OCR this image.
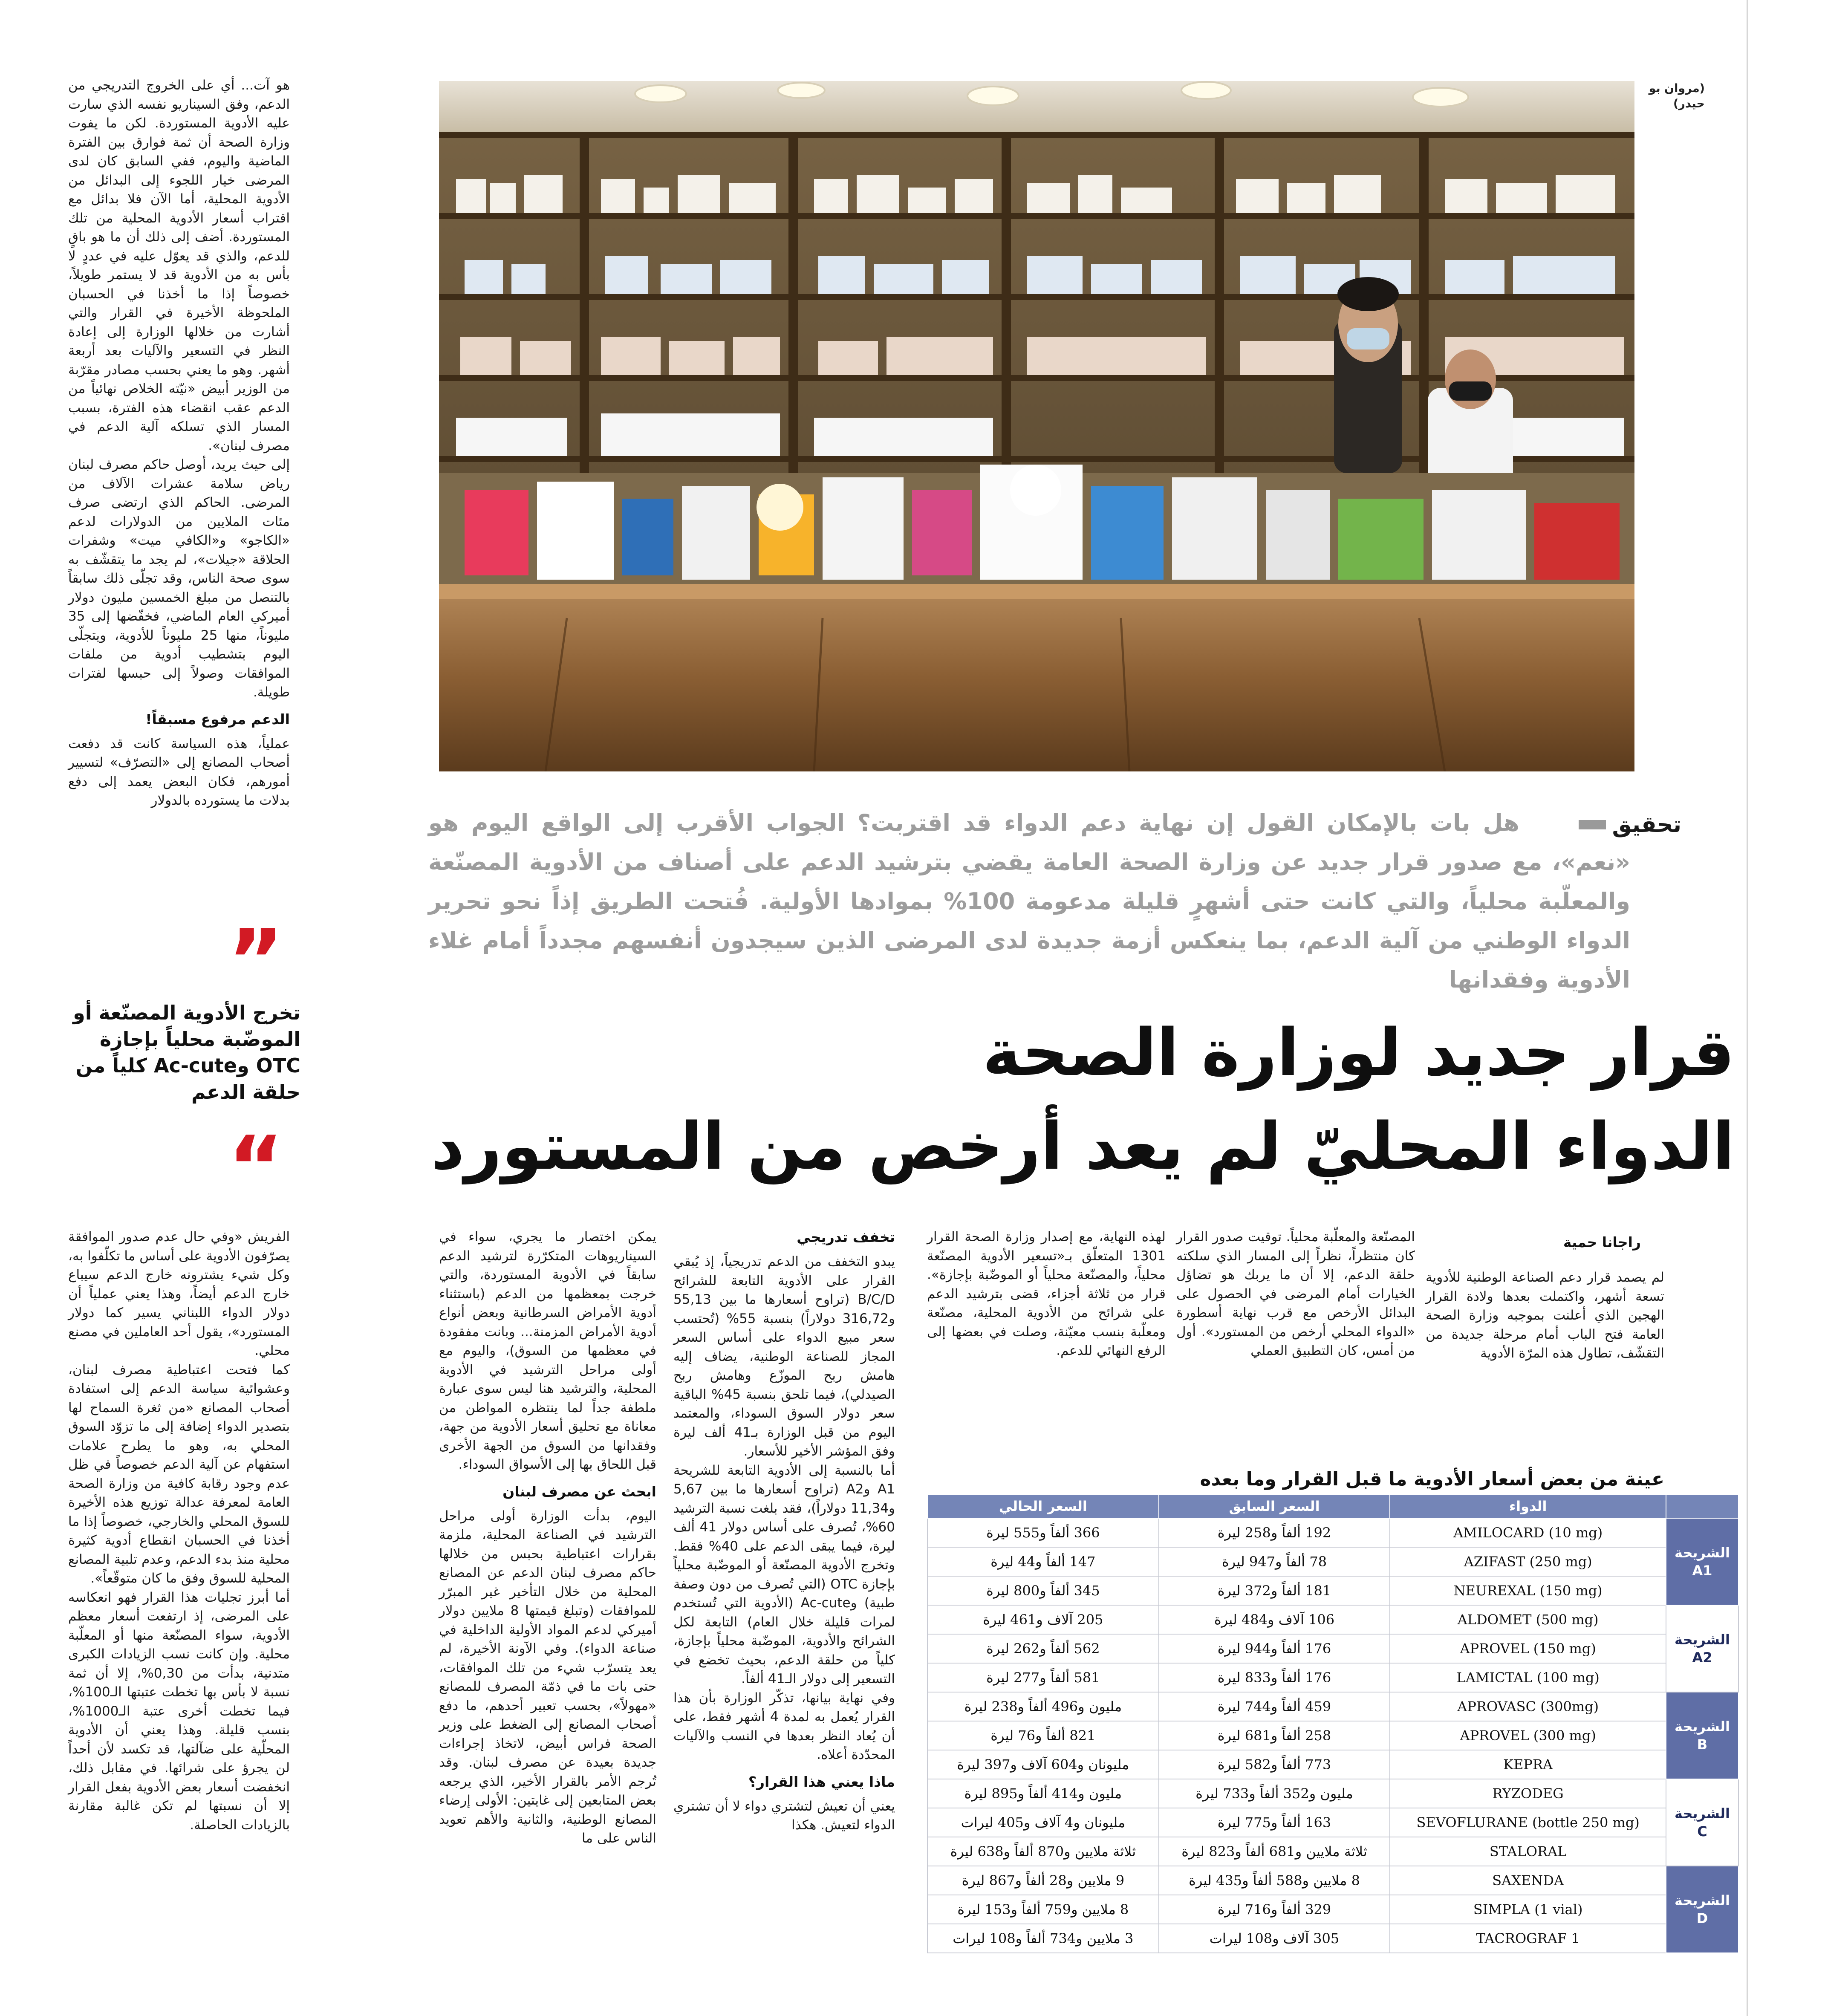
(مروان بو حيدر)
تحقيق
هل بات بالإمكان القول إن نهاية دعم الدواء قد اقتربت؟ الجواب الأقرب إلى الواقع اليوم هو «نعم»، مع صدور قرار جديد عن وزارة الصحة العامة يقضي بترشيد الدعم على أصناف من الأدوية المصنّعة والمعلّبة محلياً، والتي كانت حتى أشهرٍ قليلة مدعومة 100% بموادها الأولية. فُتحت الطريق إذاً نحو تحرير الدواء الوطني من آلية الدعم، بما ينعكس أزمة جديدة لدى المرضى الذين سيجدون أنفسهم مجدداً أمام غلاء الأدوية وفقدانها
قرار جديد لوزارة الصحة
الدواء المحليّ لم يعد أرخص من المستورد
”
تخرج الأدوية المصنّعة أو الموضّبة محلياً بإجازة OTC وAc-cute كلياً من حلقة الدعم
“

هو آت... أي على الخروج التدريجي من الدعم، وفق السيناريو نفسه الذي سارت عليه الأدوية المستوردة. لكن ما يفوت وزارة الصحة أن ثمة فوارق بين الفترة الماضية واليوم، ففي السابق كان لدى المرضى خيار اللجوء إلى البدائل من الأدوية المحلية، أما الآن فلا بدائل مع اقتراب أسعار الأدوية المحلية من تلك المستوردة. أضف إلى ذلك أن ما هو باقٍ للدعم، والذي قد يعوّل عليه في عددٍ لا بأس به من الأدوية قد لا يستمر طويلاً، خصوصاً إذا ما أخذنا في الحسبان الملحوظة الأخيرة في القرار والتي أشارت من خلالها الوزارة إلى إعادة النظر في التسعير والآليات بعد أربعة أشهر. وهو ما يعني بحسب مصادر مقرّبة من الوزير أبيض «نيّته الخلاص نهائياً من الدعم عقب انقضاء هذه الفترة، بسبب المسار الذي تسلكه آلية الدعم في مصرف لبنان».

إلى حيث يريد، أوصل حاكم مصرف لبنان رياض سلامة عشرات الآلاف من المرضى. الحاكم الذي ارتضى صرف مئات الملايين من الدولارات لدعم «الكاجو» و«الكافي ميت» وشفرات الحلاقة «جيلات»، لم يجد ما يتقشّف به سوى صحة الناس، وقد تجلّى ذلك سابقاً بالتنصل من مبلغ الخمسين مليون دولار أميركي العام الماضي، فخفّضها إلى 35 مليوناً، منها 25 مليوناً للأدوية، ويتجلّى اليوم بتشطيب أدوية من ملفات الموافقات وصولاً إلى حبسها لفترات طويلة.

الدعم مرفوع مسبقاً!

عملياً، هذه السياسة كانت قد دفعت أصحاب المصانع إلى «التصرّف» لتسيير أمورهم، فكان البعض يعمد إلى دفع بدلات ما يستورده بالدولار

الفريش «وفي حال عدم صدور الموافقة يصرّفون الأدوية على أساس ما تكلّفوا به، وكل شيء يشترونه خارج الدعم سيباع خارج الدعم أيضاً، وهذا يعني عملياً أن دولار الدواء اللبناني يسير كما دولار المستورد»، يقول أحد العاملين في مصنع محلي.

كما فتحت اعتباطية مصرف لبنان، وعشوائية سياسة الدعم إلى استفادة أصحاب المصانع «من ثغرة السماح لها بتصدير الدواء إضافة إلى ما تزوّد السوق المحلي به، وهو ما يطرح علامات استفهام عن آلية الدعم خصوصاً في ظل عدم وجود رقابة كافية من وزارة الصحة العامة لمعرفة عدالة توزيع هذه الأخيرة للسوق المحلي والخارجي، خصوصاً إذا ما أخذنا في الحسبان انقطاع أدوية كثيرة محلية منذ بدء الدعم، وعدم تلبية المصانع المحلية للسوق وفق ما كان متوقّعاً».

أما أبرز تجليات هذا القرار فهو انعكاسه على المرضى، إذ ارتفعت أسعار معظم الأدوية، سواء المصنّعة منها أو المعلّبة محلية. وإن كانت نسب الزيادات الكبرى متدنية، بدأت من 0,30%، إلا أن ثمة نسبة لا بأس بها تخطت عتبتها الـ100%، فيما تخطت أخرى عتبة الـ1000%، بنسب قليلة. وهذا يعني أن الأدوية المحلّية على ضآلتها، قد تكسد لأن أحداً لن يجرؤ على شرائها. في مقابل ذلك، انخفضت أسعار بعض الأدوية بفعل القرار إلا أن نسبتها لم تكن غالبة مقارنة بالزيادات الحاصلة.

يمكن اختصار ما يجري، سواء في السيناريوهات المتكرّرة لترشيد الدعم سابقاً في الأدوية المستوردة، والتي خرجت بمعظمها من الدعم (باستثناء أدوية الأمراض السرطانية وبعض أنواع أدوية الأمراض المزمنة... وبانت مفقودة في معظمها من السوق)، واليوم مع أولى مراحل الترشيد في الأدوية المحلية، والترشيد هنا ليس سوى عبارة ملطفة جداً لما ينتظره المواطن من معاناة مع تحليق أسعار الأدوية من جهة، وفقدانها من السوق من الجهة الأخرى قبل اللحاق بها إلى الأسواق السوداء.

ابحث عن مصرف لبنان

اليوم، بدأت الوزارة أولى مراحل الترشيد في الصناعة المحلية، ملزمة بقرارات اعتباطية بحبس من خلالها حاكم مصرف لبنان الدعم عن المصانع المحلية من خلال التأخير غير المبرّر للموافقات (وتبلغ قيمتها 8 ملايين دولار أميركي لدعم المواد الأولية الداخلية في صناعة الدواء). وفي الآونة الأخيرة، لم يعد يتسرّب شيء من تلك الموافقات، حتى بات ما في ذمّة المصرف للمصانع «مهولاً»، بحسب تعبير أحدهم، ما دفع أصحاب المصانع إلى الضغط على وزير الصحة فراس أبيض، لاتخاذ إجراءات جديدة بعيدة عن مصرف لبنان. وقد تُرجم الأمر بالقرار الأخير، الذي يرجعه بعض المتابعين إلى غايتين: الأولى إرضاء المصانع الوطنية، والثانية والأهم تعويد الناس على ما

تخفف تدريجي

يبدو التخفف من الدعم تدريجياً، إذ يُبقي القرار على الأدوية التابعة للشرائح B/C/D (تراوح أسعارها ما بين 55,13 و316,72 دولاراً) بنسبة 55% (تُحتسب سعر مبيع الدواء على أساس السعر المجاز للصناعة الوطنية، يضاف إليه هامش ربح الموزّع وهامش ربح الصيدلي)، فيما تلحق بنسبة 45% الباقية سعر دولار السوق السوداء، والمعتمد اليوم من قبل الوزارة بـ41 ألف ليرة وفق المؤشر الأخير للأسعار.

أما بالنسبة إلى الأدوية التابعة للشريحة A1 وA2 (تراوح أسعارها ما بين 5,67 و11,34 دولاراً)، فقد بلغت نسبة الترشيد 60%، تُصرف على أساس دولار 41 ألف ليرة، فيما يبقى الدعم على 40% فقط. وتخرج الأدوية المصنّعة أو الموضّبة محلياً بإجازة OTC (التي تُصرف من دون وصفة طبية) وAc-cute (الأدوية التي تُستخدم لمرات قليلة خلال العام) التابعة لكل الشرائح والأدوية، الموضّبة محلياً بإجازة، كلياً من حلقة الدعم، بحيث تخضع في التسعير إلى دولار الـ41 ألفاً.

وفي نهاية بيانها، تذكّر الوزارة بأن هذا القرار يُعمل به لمدة 4 أشهر فقط، على أن يُعاد النظر بعدها في النسب والآليات المحدّدة أعلاه.

ماذا يعني هذا القرار؟

يعني أن تعيش لتشتري دواء لا أن تشتري الدواء لتعيش. هكذا

لهذه النهاية، مع إصدار وزارة الصحة القرار 1301 المتعلّق بـ«تسعير الأدوية المصنّعة محلياً، والمصنّعة محلياً أو الموضّبة بإجازة». قرار من ثلاثة أجزاء، قضى بترشيد الدعم على شرائح من الأدوية المحلية، مصنّعة ومعلّبة بنسب معيّنة، وصلت في بعضها إلى الرفع النهائي للدعم.

المصنّعة والمعلّبة محلياً. توقيت صدور القرار كان منتظراً، نظراً إلى المسار الذي سلكته حلقة الدعم، إلا أن ما يربك هو تضاؤل الخيارات أمام المرضى في الحصول على البدائل الأرخص مع قرب نهاية أسطورة «الدواء المحلي أرخص من المستورد». أول من أمس، كان التطبيق العملي

راجانا حمية

لم يصمد قرار دعم الصناعة الوطنية للأدوية تسعة أشهر، واكتملت بعدها ولادة القرار الهجين الذي أعلنت بموجبه وزارة الصحة العامة فتح الباب أمام مرحلة جديدة من التقشّف، تطاول هذه المرّة الأدوية

عينة من بعض أسعار الأدوية ما قبل القرار وما بعده
	الدواء	السعر السابق	السعر الحالي
الشريحة A1	AMILOCARD (10 mg)	192 ألفاً و258 ليرة	366 ألفاً و555 ليرة
	AZIFAST (250 mg)	78 ألفاً و947 ليرة	147 ألفاً و44 ليرة
	NEUREXAL (150 mg)	181 ألفاً و372 ليرة	345 ألفاً و800 ليرة
الشريحة A2	ALDOMET (500 mg)	106 آلاف و484 ليرة	205 آلاف و461 ليرة
	APROVEL (150 mg)	176 ألفاً و944 ليرة	562 ألفاً و262 ليرة
	LAMICTAL (100 mg)	176 ألفاً و833 ليرة	581 ألفاً و277 ليرة
الشريحة B	APROVASC (300mg)	459 ألفاً و744 ليرة	مليون و496 ألفاً و238 ليرة
	APROVEL (300 mg)	258 ألفاً و681 ليرة	821 ألفاً و76 ليرة
	KEPRA	773 ألفاً و582 ليرة	مليونان و604 آلاف و397 ليرة
الشريحة C	RYZODEG	مليون و352 ألفاً و733 ليرة	مليون و414 ألفاً و895 ليرة
	SEVOFLURANE (bottle 250 mg)	163 ألفاً و775 ليرة	مليونان و4 آلاف و405 ليرات
	STALORAL	ثلاثة ملايين و681 ألفاً و823 ليرة	ثلاثة ملايين و870 ألفاً و638 ليرة
الشريحة D	SAXENDA	8 ملايين و588 ألفاً و435 ليرة	9 ملايين و28 ألفاً و867 ليرة
	SIMPLA (1 vial)	329 ألفاً و716 ليرة	8 ملايين و759 ألفاً و153 ليرة
	TACROGRAF 1	305 آلاف و108 ليرات	3 ملايين و734 ألفاً و108 ليرات
